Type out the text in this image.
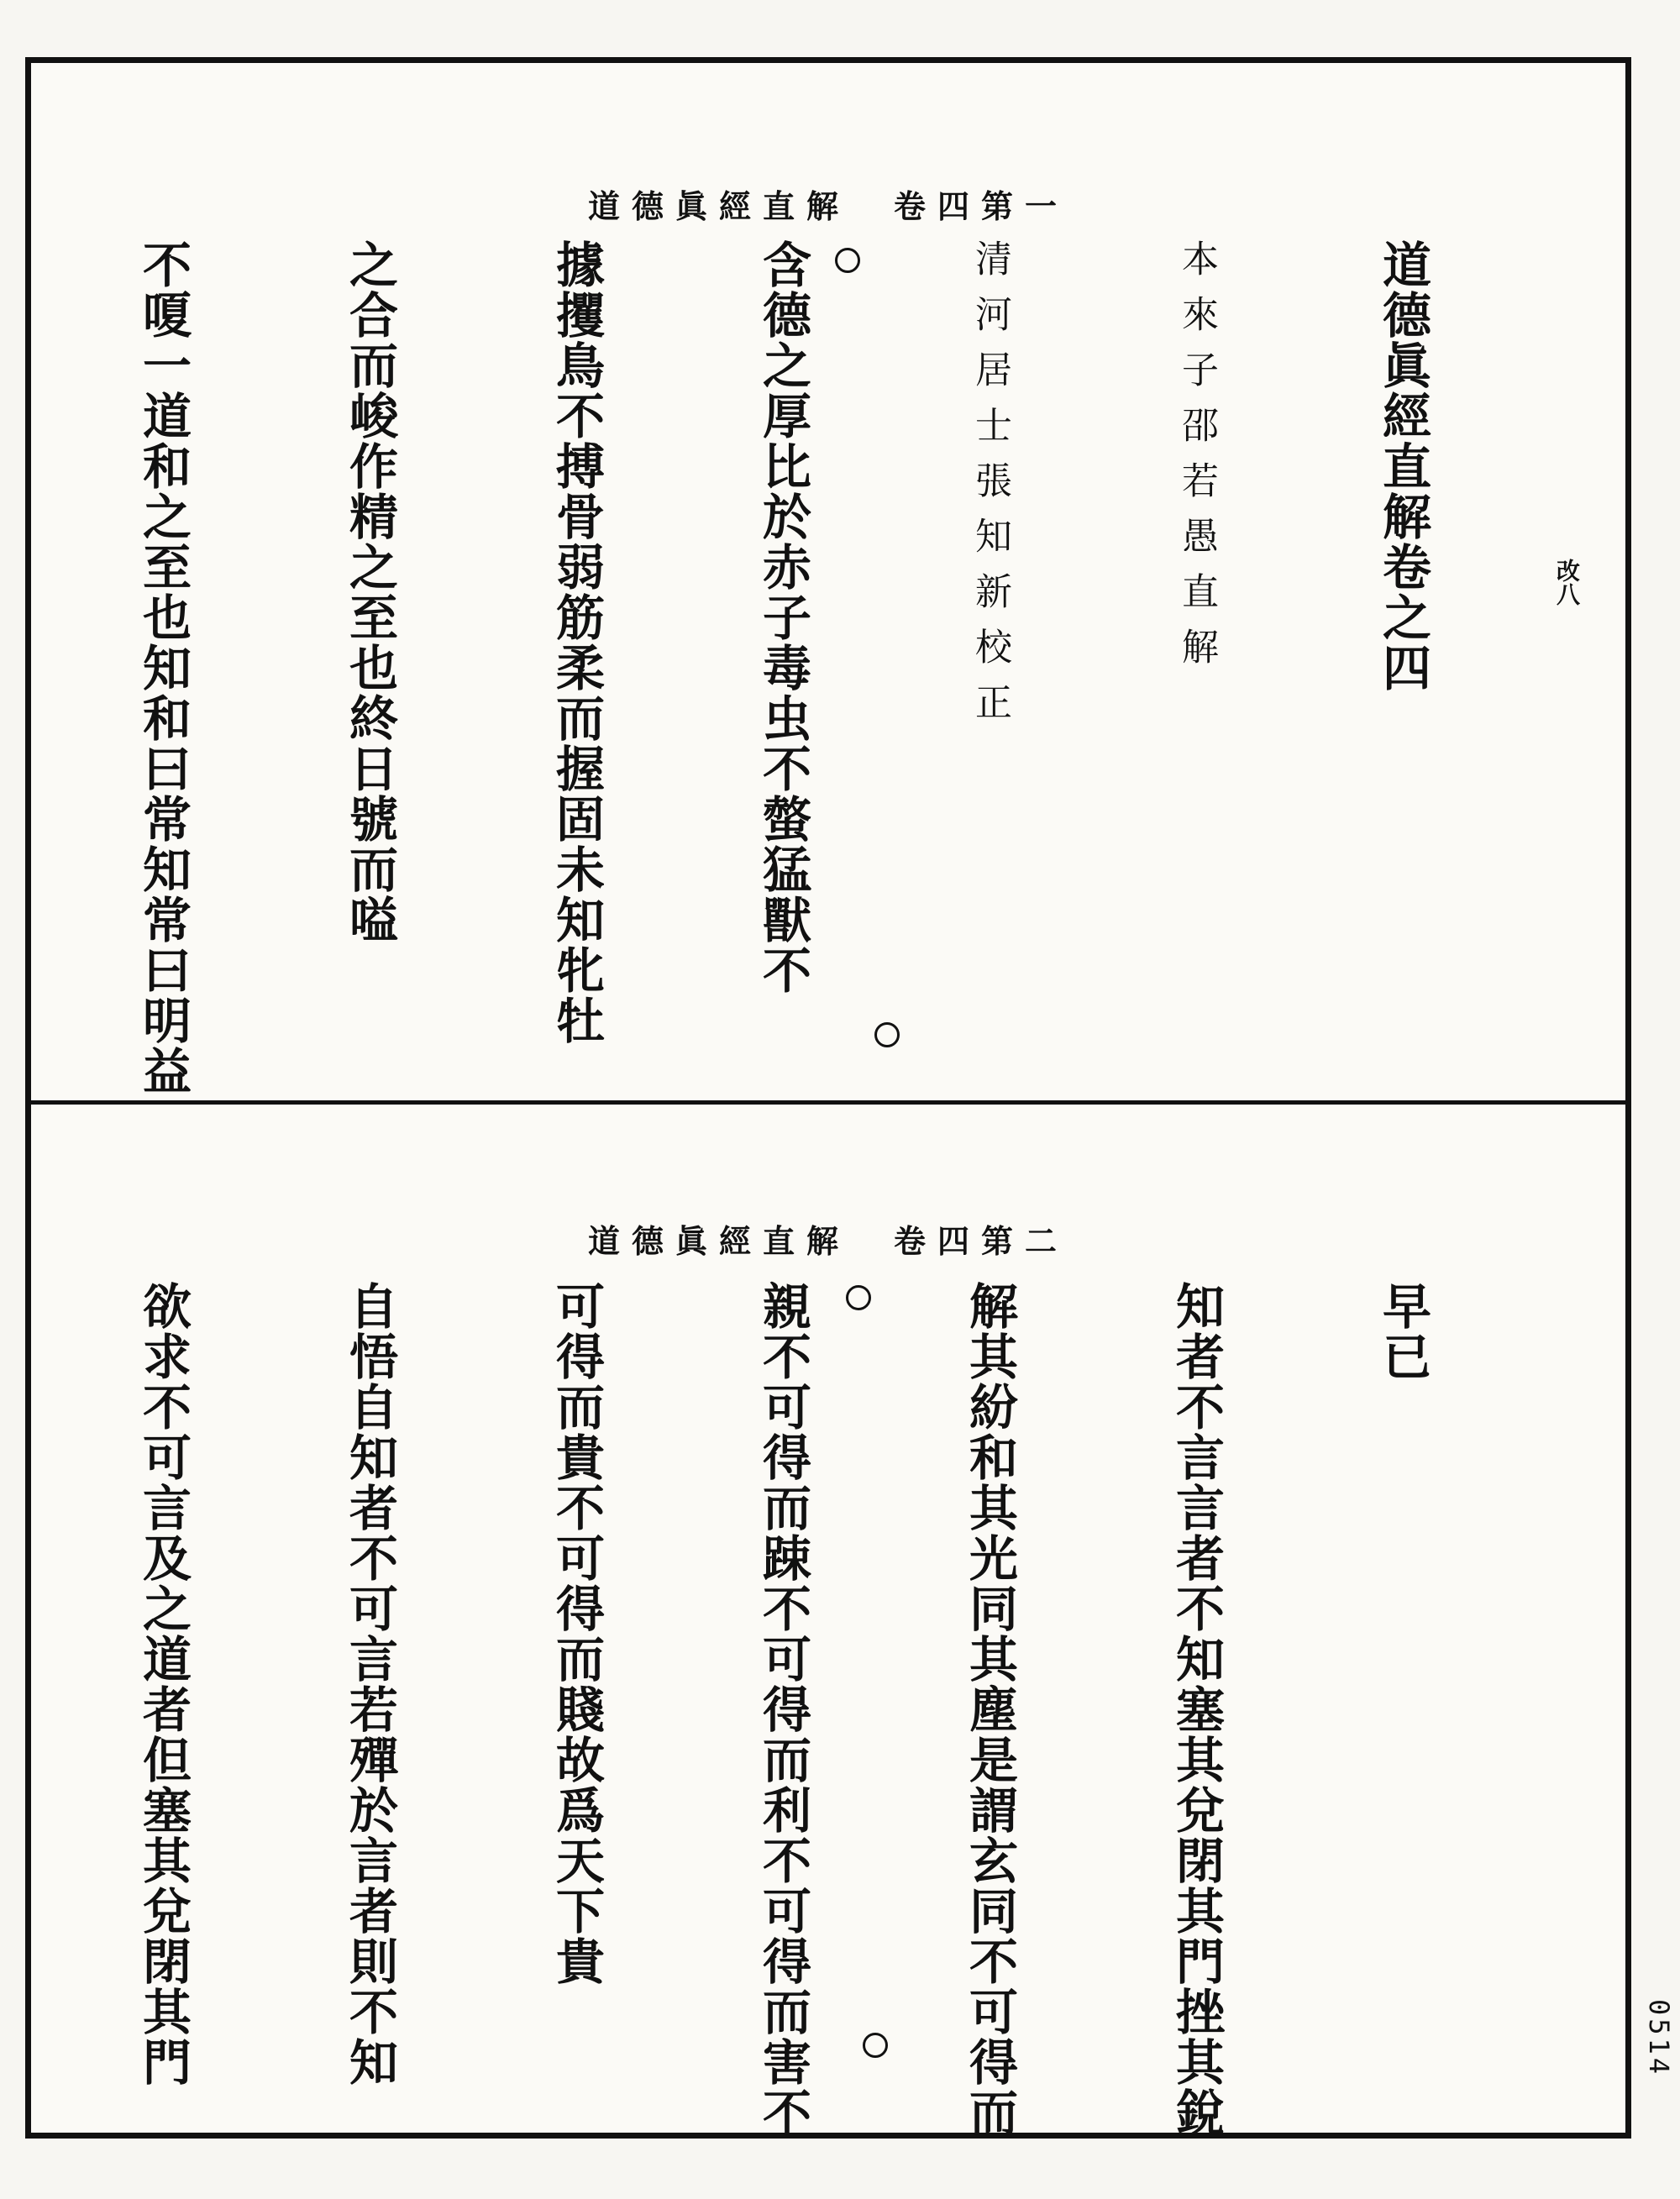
0514
道德眞經直解　卷四第一
改八

道德眞經直解卷之四

本來子邵若愚直解

清河居士張知新校正

含德之厚比於赤子毒虫不螫猛獸不

據攫鳥不搏骨弱筋柔而握固未知牝牡

之合而峻作精之至也終日號而嗌

不嗄一道和之至也知和曰常知常曰明益

道德眞經直解　卷四第二

早已

知者不言言者不知塞其兌閉其門挫其銳

解其紛和其光同其塵是謂玄同不可得而

親不可得而踈不可得而利不可得而害不

可得而貴不可得而賤故爲天下貴

自悟自知者不可言若殫於言者則不知

欲求不可言及之道者但塞其兌閉其門
